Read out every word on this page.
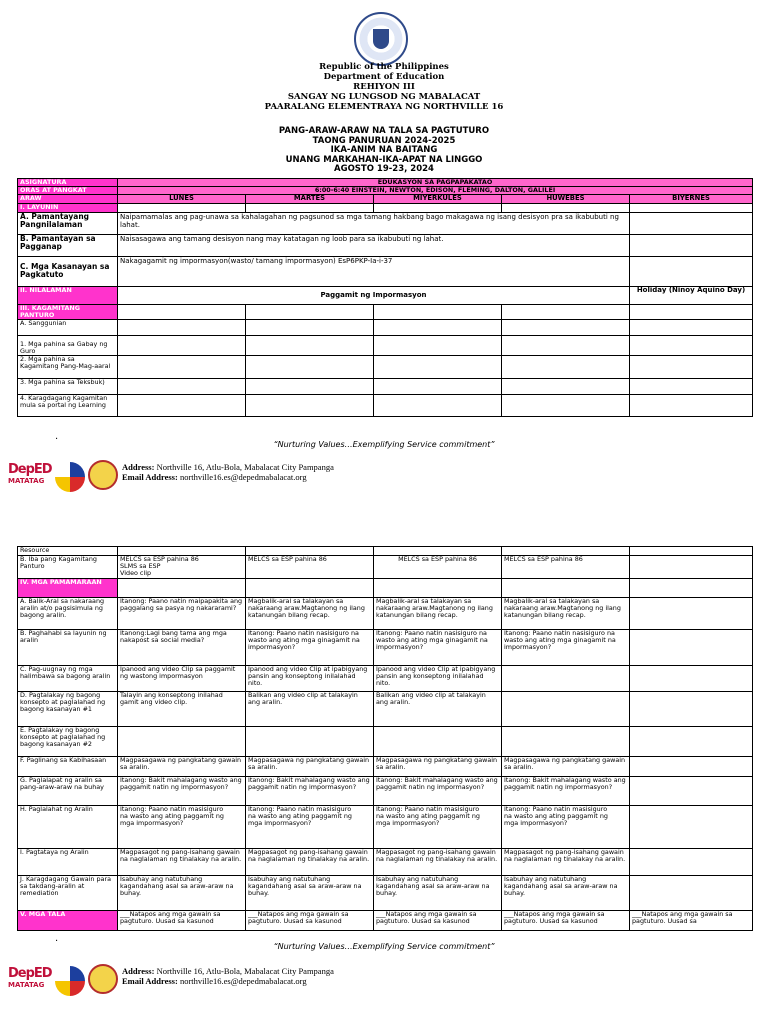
Republic of the Philippines
Department of Education
REHIYON III
SANGAY NG LUNGSOD NG MABALACAT
PAARALANG ELEMENTRAYA NG NORTHVILLE 16
PANG-ARAW-ARAW NA TALA SA PAGTUTURO
TAONG PANURUAN 2024-2025
IKA-ANIM NA BAITANG
UNANG MARKAHAN-IKA-APAT NA LINGGO
AGOSTO 19-23, 2024
ASIGNATURA	EDUKASYON SA PAGPAPAKATAO				
ORAS AT PANGKAT	6:00-6:40 EINSTEIN, NEWTON, EDISON, FLEMING, DALTON, GALILEI				
ARAW	LUNES	MARTES	MIYERKULES	HUWEBES	BIYERNES
I. LAYUNIN					
A. Pamantayang Pangnilalaman	Naipamamalas ang pag-unawa sa kahalagahan ng pagsunod sa mga tamang hakbang bago makagawa ng isang desisyon pra sa ikabubuti ng lahat.				
B. Pamantayan sa Pagganap	Naisasagawa ang tamang desisyon nang may katatagan ng loob para sa ikabubuti ng lahat.				
C. Mga Kasanayan sa Pagkatuto	Nakagagamit ng impormasyon(wasto/ tamang impormasyon) EsP6PKP-Ia-i-37				
II. NILALAMAN	Paggamit ng Impormasyon				Holiday (Ninoy Aquino Day)
III. KAGAMITANG PANTURO					
A. Sanggunian					
1. Mga pahina sa Gabay ng Guro					
2. Mga pahina sa Kagamitang Pang-Mag-aaral					
3. Mga pahina sa Teksbuk)					
4. Karagdagang Kagamitan mula sa portal ng Learning					
·	“Nurturing Values…Exemplifying Service commitment”
DepED
MATATAG
Address: Northville 16, Atlu-Bola, Mabalacat City Pampanga
Email Address: northville16.es@depedmabalacat.org
Resource					
B. Iba pang Kagamitang Panturo	MELCS sa ESP pahina 86
SLMS sa ESP
Video clip	MELCS sa ESP pahina 86	MELCS sa ESP pahina 86	MELCS sa ESP pahina 86	
IV. MGA PAMAMARAAN					
A. Balik-Aral sa nakaraang aralin at/o pagsisimula ng bagong aralin.	Itanong: Paano natin maipapakita ang paggalang sa pasya ng nakararami?	Magbalik-aral sa talakayan sa nakaraang araw.Magtanong ng ilang katanungan bilang recap.	Magbalik-aral sa talakayan sa nakaraang araw.Magtanong ng ilang katanungan bilang recap.	Magbalik-aral sa talakayan sa nakaraang araw.Magtanong ng ilang katanungan bilang recap.	
B. Paghahabi sa layunin ng aralin	Itanong:Lagi bang tama ang mga nakapost sa social media?	Itanong: Paano natin nasisiguro na wasto ang ating mga ginagamit na impormasyon?	Itanong: Paano natin nasisiguro na wasto ang ating mga ginagamit na impormasyon?	Itanong: Paano natin nasisiguro na wasto ang ating mga ginagamit na impormasyon?	
C. Pag-uugnay ng mga halimbawa sa bagong aralin	Ipanood ang video Clip sa paggamit ng wastong impormasyon	Ipanood ang video Clip at ipabigyang pansin ang konseptong inilalahad nito.	Ipanood ang video Clip at ipabigyang pansin ang konseptong inilalahad nito.		
D. Pagtalakay ng bagong konsepto at paglalahad ng bagong kasanayan #1	Talayin ang konseptong inilahad
gamit ang video clip.	Balikan ang video clip at talakayin ang aralin.	Balikan ang video clip at talakayin ang aralin.		
E. Pagtalakay ng bagong konsepto at paglalahad ng bagong kasanayan #2					
F. Paglinang sa Kabihasaan	Magpasagawa ng pangkatang gawain sa aralin.	Magpasagawa ng pangkatang gawain sa aralin.	Magpasagawa ng pangkatang gawain sa aralin.	Magpasagawa ng pangkatang gawain sa aralin.	
G. Paglalapat ng aralin sa pang-araw-araw na buhay	Itanong: Bakit mahalagang wasto ang paggamit natin ng impormasyon?	Itanong: Bakit mahalagang wasto ang paggamit natin ng impormasyon?	Itanong: Bakit mahalagang wasto ang paggamit natin ng impormasyon?	Itanong: Bakit mahalagang wasto ang paggamit natin ng impormasyon?	
H. Paglalahat ng Aralin	Itanong: Paano natin masisiguro
na wasto ang ating paggamit ng
mga impormasyon?	Itanong: Paano natin masisiguro
na wasto ang ating paggamit ng
mga impormasyon?	Itanong: Paano natin masisiguro
na wasto ang ating paggamit ng
mga impormasyon?	Itanong: Paano natin masisiguro
na wasto ang ating paggamit ng
mga impormasyon?	
I. Pagtataya ng Aralin	Magpasagot ng pang-isahang gawain na naglalaman ng tinalakay na aralin.	Magpasagot ng pang-isahang gawain na naglalaman ng tinalakay na aralin.	Magpasagot ng pang-isahang gawain na naglalaman ng tinalakay na aralin.	Magpasagot ng pang-isahang gawain na naglalaman ng tinalakay na aralin.	
J. Karagdagang Gawain para sa takdang-aralin at remediation	Isabuhay ang natutuhang kagandahang asal sa araw-araw na buhay.	Isabuhay ang natutuhang kagandahang asal sa araw-araw na buhay.	Isabuhay ang natutuhang kagandahang asal sa araw-araw na buhay.	Isabuhay ang natutuhang kagandahang asal sa araw-araw na buhay.	
V. MGA TALA	___Natapos ang mga gawain sa pagtuturo. Uusad sa kasunod	___Natapos ang mga gawain sa pagtuturo. Uusad sa kasunod	___Natapos ang mga gawain sa pagtuturo. Uusad sa kasunod	___Natapos ang mga gawain sa pagtuturo. Uusad sa kasunod	___Natapos ang mga gawain sa pagtuturo. Uusad sa
·	“Nurturing Values…Exemplifying Service commitment”
DepED
MATATAG
Address: Northville 16, Atlu-Bola, Mabalacat City Pampanga
Email Address: northville16.es@depedmabalacat.org
